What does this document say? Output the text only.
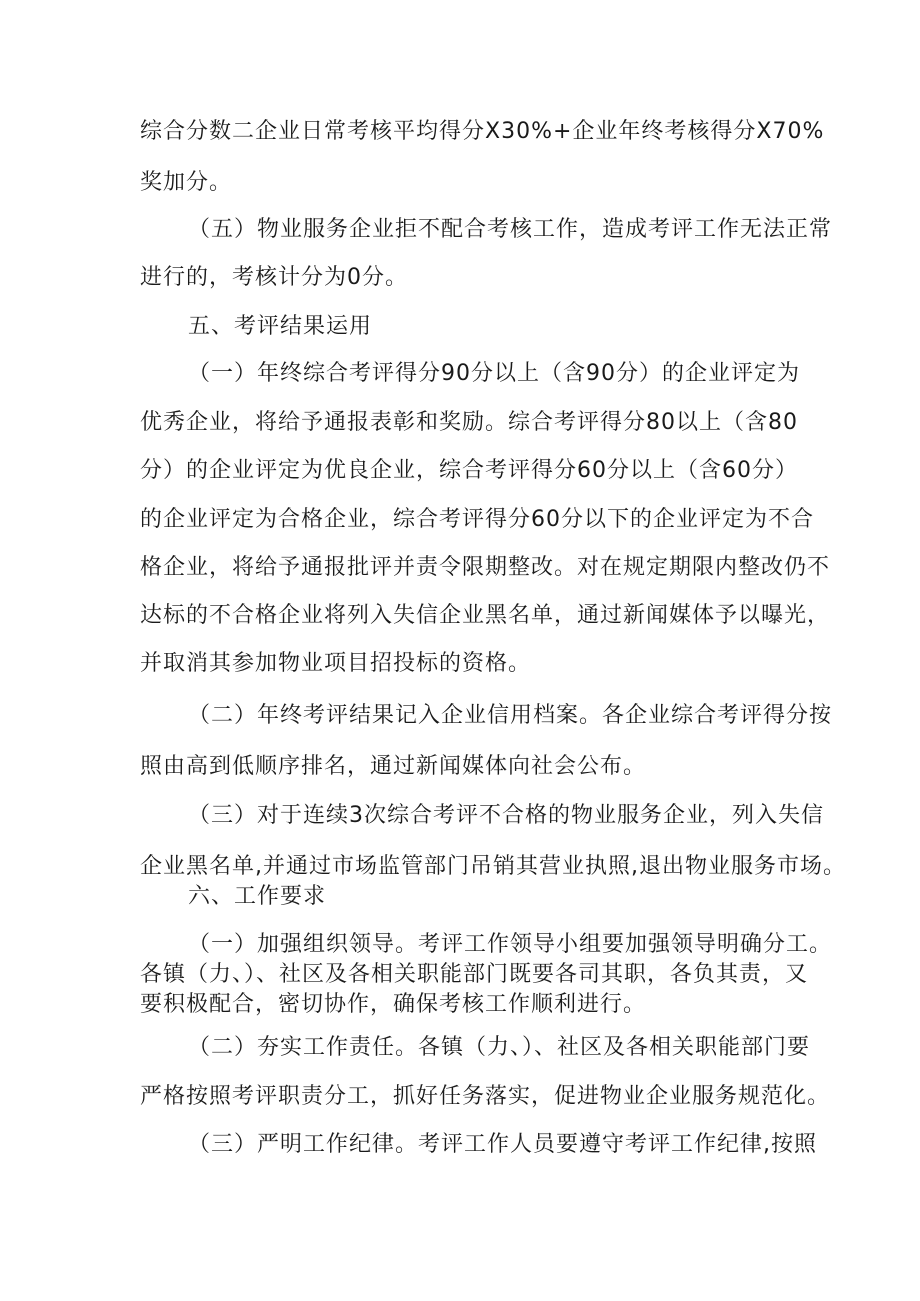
综合分数二企业日常考核平均得分X30%+企业年终考核得分X70%
奖加分。
（五）物业服务企业拒不配合考核工作，造成考评工作无法正常
进行的，考核计分为0分。
五、考评结果运用
（一）年终综合考评得分90分以上（含90分）的企业评定为
优秀企业，将给予通报表彰和奖励。综合考评得分80以上（含80
分）的企业评定为优良企业，综合考评得分60分以上（含60分）
的企业评定为合格企业，综合考评得分60分以下的企业评定为不合
格企业，将给予通报批评并责令限期整改。对在规定期限内整改仍不
达标的不合格企业将列入失信企业黑名单，通过新闻媒体予以曝光，
并取消其参加物业项目招投标的资格。
（二）年终考评结果记入企业信用档案。各企业综合考评得分按
照由高到低顺序排名，通过新闻媒体向社会公布。
（三）对于连续3次综合考评不合格的物业服务企业，列入失信
企业黑名单,并通过市场监管部门吊销其营业执照,退出物业服务市场。
六、工作要求
（一）加强组织领导。考评工作领导小组要加强领导明确分工。
各镇（力、）、社区及各相关职能部门既要各司其职，各负其责，又
要积极配合，密切协作，确保考核工作顺利进行。
（二）夯实工作责任。各镇（力、）、社区及各相关职能部门要
严格按照考评职责分工，抓好任务落实，促进物业企业服务规范化。
（三）严明工作纪律。考评工作人员要遵守考评工作纪律,按照
